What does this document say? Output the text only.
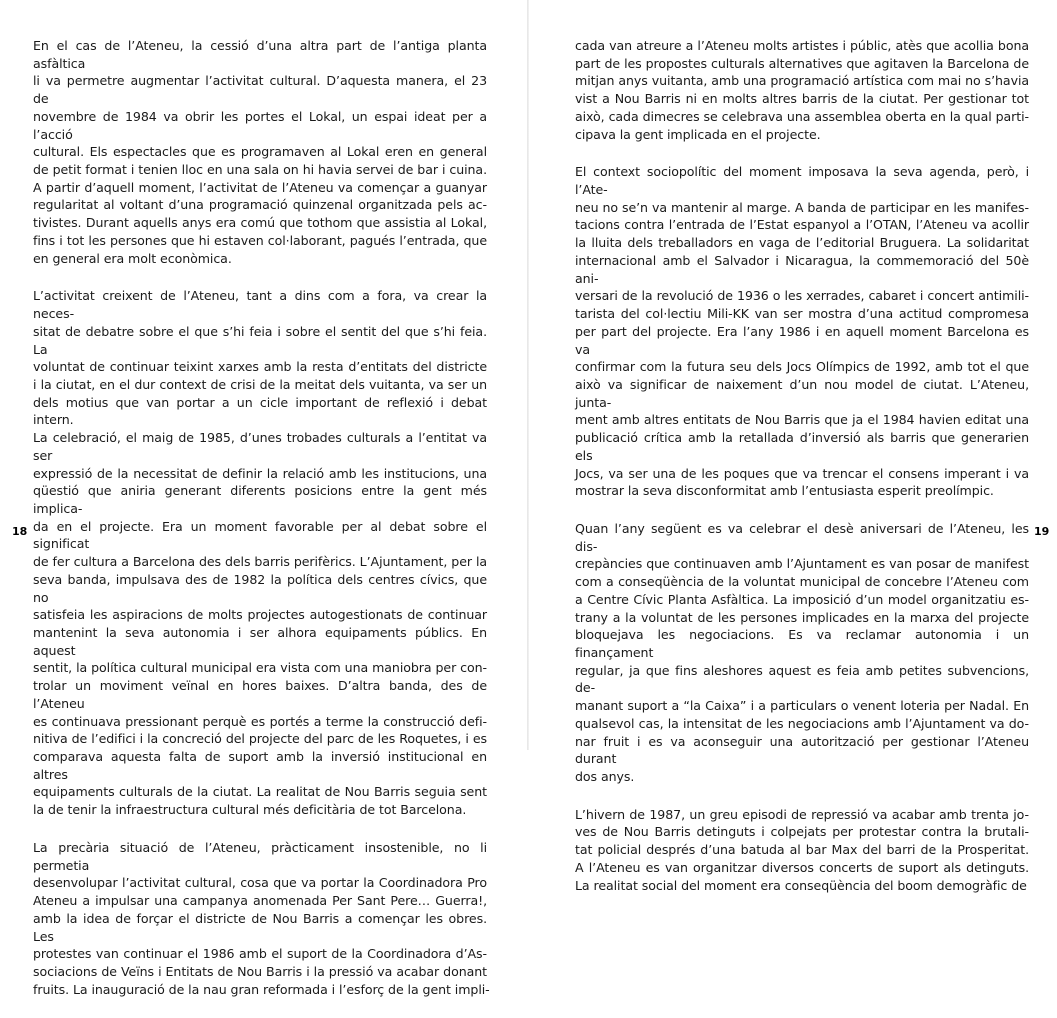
En el cas de l’Ateneu, la cessió d’una altra part de l’antiga planta asfàltica
li va permetre augmentar l’activitat cultural. D’aquesta manera, el 23 de
novembre de 1984 va obrir les portes el Lokal, un espai ideat per a l’acció
cultural. Els espectacles que es programaven al Lokal eren en general
de petit format i tenien lloc en una sala on hi havia servei de bar i cuina.
A partir d’aquell moment, l’activitat de l’Ateneu va començar a guanyar
regularitat al voltant d’una programació quinzenal organitzada pels ac-
tivistes. Durant aquells anys era comú que tothom que assistia al Lokal,
fins i tot les persones que hi estaven col·laborant, pagués l’entrada, que
en general era molt econòmica.

L’activitat creixent de l’Ateneu, tant a dins com a fora, va crear la neces-
sitat de debatre sobre el que s’hi feia i sobre el sentit del que s’hi feia. La
voluntat de continuar teixint xarxes amb la resta d’entitats del districte
i la ciutat, en el dur context de crisi de la meitat dels vuitanta, va ser un
dels motius que van portar a un cicle important de reflexió i debat intern.
La celebració, el maig de 1985, d’unes trobades culturals a l’entitat va ser
expressió de la necessitat de definir la relació amb les institucions, una
qüestió que aniria generant diferents posicions entre la gent més implica-
da en el projecte. Era un moment favorable per al debat sobre el significat
de fer cultura a Barcelona des dels barris perifèrics. L’Ajuntament, per la
seva banda, impulsava des de 1982 la política dels centres cívics, que no
satisfeia les aspiracions de molts projectes autogestionats de continuar
mantenint la seva autonomia i ser alhora equipaments públics. En aquest
sentit, la política cultural municipal era vista com una maniobra per con-
trolar un moviment veïnal en hores baixes. D’altra banda, des de l’Ateneu
es continuava pressionant perquè es portés a terme la construcció defi-
nitiva de l’edifici i la concreció del projecte del parc de les Roquetes, i es
comparava aquesta falta de suport amb la inversió institucional en altres
equipaments culturals de la ciutat. La realitat de Nou Barris seguia sent
la de tenir la infraestructura cultural més deficitària de tot Barcelona.

La precària situació de l’Ateneu, pràcticament insostenible, no li permetia
desenvolupar l’activitat cultural, cosa que va portar la Coordinadora Pro
Ateneu a impulsar una campanya anomenada Per Sant Pere… Guerra!,
amb la idea de forçar el districte de Nou Barris a començar les obres. Les
protestes van continuar el 1986 amb el suport de la Coordinadora d’As-
sociacions de Veïns i Entitats de Nou Barris i la pressió va acabar donant
fruits. La inauguració de la nau gran reformada i l’esforç de la gent impli-

cada van atreure a l’Ateneu molts artistes i públic, atès que acollia bona
part de les propostes culturals alternatives que agitaven la Barcelona de
mitjan anys vuitanta, amb una programació artística com mai no s’havia
vist a Nou Barris ni en molts altres barris de la ciutat. Per gestionar tot
això, cada dimecres se celebrava una assemblea oberta en la qual parti-
cipava la gent implicada en el projecte.

El context sociopolític del moment imposava la seva agenda, però, i l’Ate-
neu no se’n va mantenir al marge. A banda de participar en les manifes-
tacions contra l’entrada de l’Estat espanyol a l’OTAN, l’Ateneu va acollir
la lluita dels treballadors en vaga de l’editorial Bruguera. La solidaritat
internacional amb el Salvador i Nicaragua, la commemoració del 50è ani-
versari de la revolució de 1936 o les xerrades, cabaret i concert antimili-
tarista del col·lectiu Mili-KK van ser mostra d’una actitud compromesa
per part del projecte. Era l’any 1986 i en aquell moment Barcelona es va
confirmar com la futura seu dels Jocs Olímpics de 1992, amb tot el que
això va significar de naixement d’un nou model de ciutat. L’Ateneu, junta-
ment amb altres entitats de Nou Barris que ja el 1984 havien editat una
publicació crítica amb la retallada d’inversió als barris que generarien els
Jocs, va ser una de les poques que va trencar el consens imperant i va
mostrar la seva disconformitat amb l’entusiasta esperit preolímpic.

Quan l’any següent es va celebrar el desè aniversari de l’Ateneu, les dis-
crepàncies que continuaven amb l’Ajuntament es van posar de manifest
com a conseqüència de la voluntat municipal de concebre l’Ateneu com
a Centre Cívic Planta Asfàltica. La imposició d’un model organitzatiu es-
trany a la voluntat de les persones implicades en la marxa del projecte
bloquejava les negociacions. Es va reclamar autonomia i un finançament
regular, ja que fins aleshores aquest es feia amb petites subvencions, de-
manant suport a “la Caixa” i a particulars o venent loteria per Nadal. En
qualsevol cas, la intensitat de les negociacions amb l’Ajuntament va do-
nar fruit i es va aconseguir una autorització per gestionar l’Ateneu durant
dos anys.

L’hivern de 1987, un greu episodi de repressió va acabar amb trenta jo-
ves de Nou Barris detinguts i colpejats per protestar contra la brutali-
tat policial després d’una batuda al bar Max del barri de la Prosperitat.
A l’Ateneu es van organitzar diversos concerts de suport als detinguts.
La realitat social del moment era conseqüència del boom demogràfic de

18	19
